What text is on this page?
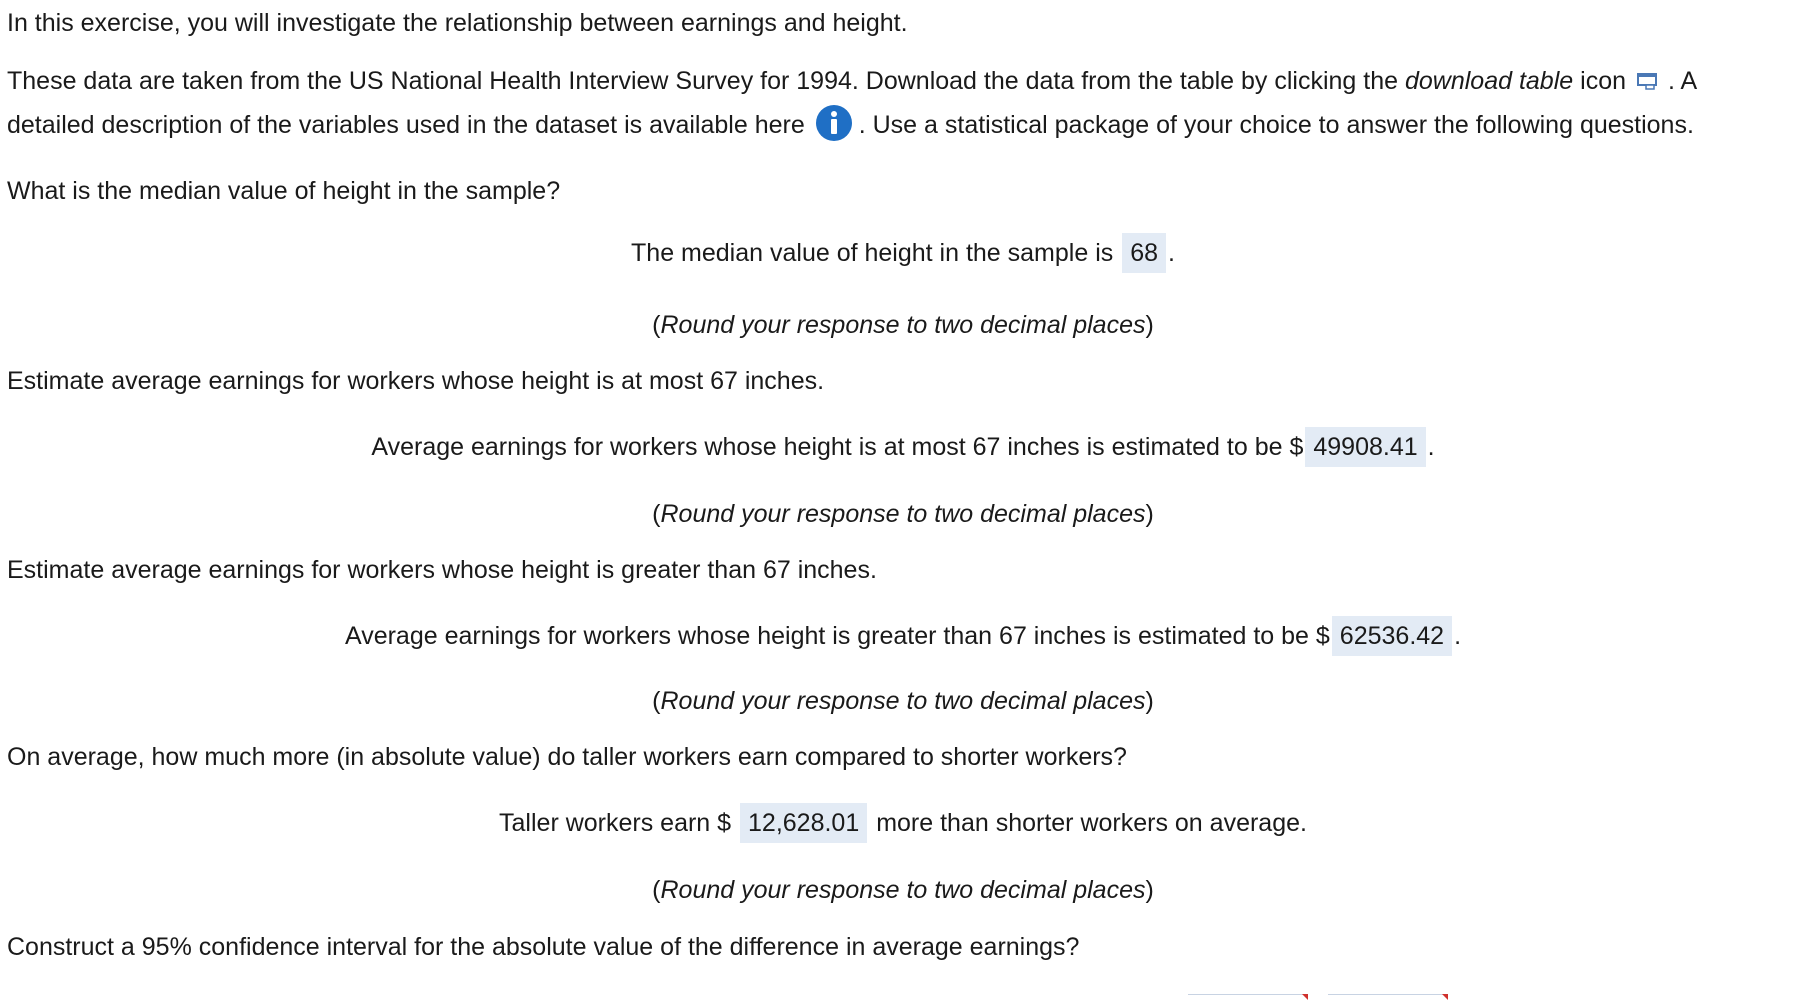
In this exercise, you will investigate the relationship between earnings and height.
These data are taken from the US National Health Interview Survey for 1994. Download the data from the table by clicking the download table icon . A
detailed description of the variables used in the dataset is available here . Use a statistical package of your choice to answer the following questions.
What is the median value of height in the sample?
The median value of height in the sample is 68 .
(Round your response to two decimal places)
Estimate average earnings for workers whose height is at most 67 inches.
Average earnings for workers whose height is at most 67 inches is estimated to be $ 49908.41 .
(Round your response to two decimal places)
Estimate average earnings for workers whose height is greater than 67 inches.
Average earnings for workers whose height is greater than 67 inches is estimated to be $ 62536.42 .
(Round your response to two decimal places)
On average, how much more (in absolute value) do taller workers earn compared to shorter workers?
Taller workers earn $ 12,628.01 more than shorter workers on average.
(Round your response to two decimal places)
Construct a 95% confidence interval for the absolute value of the difference in average earnings?
